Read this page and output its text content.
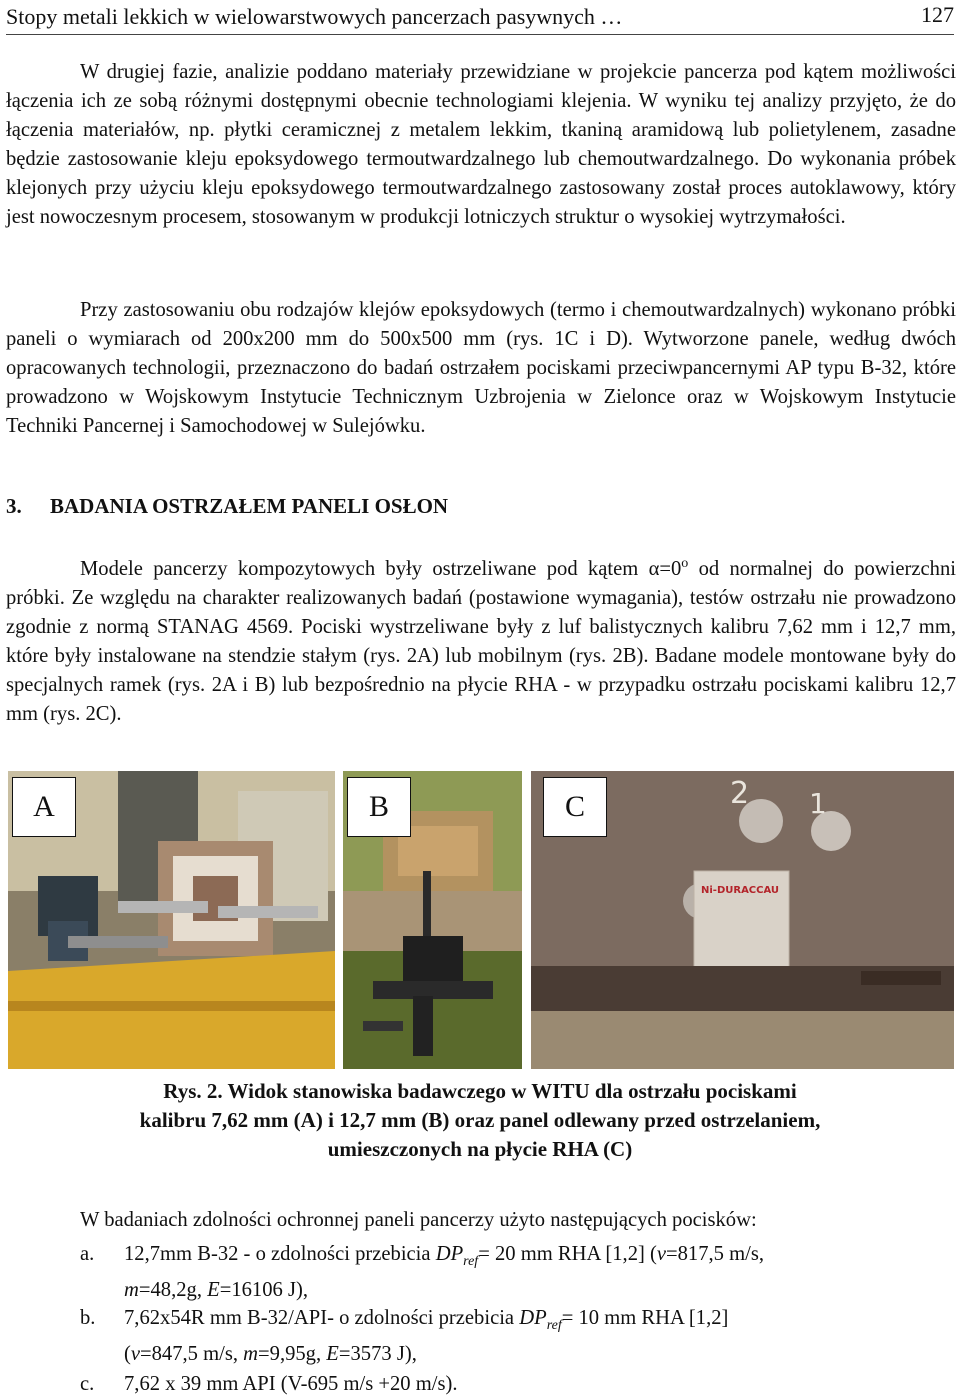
Stopy metali lekkich w wielowarstwowych pancerzach pasywnych …	127

W drugiej fazie, analizie poddano materiały przewidziane w projekcie pancerza pod kątem możliwości łączenia ich ze sobą różnymi dostępnymi obecnie technologiami klejenia. W wyniku tej analizy przyjęto, że do łączenia materiałów, np. płytki ceramicznej z metalem lekkim, tkaniną aramidową lub polietylenem, zasadne będzie zastosowanie kleju epoksydowego termoutwardzalnego lub chemoutwardzalnego. Do wykonania próbek klejonych przy użyciu kleju epoksydowego termoutwardzalnego zastosowany został proces autoklawowy, który jest nowoczesnym procesem, stosowanym w produkcji lotniczych struktur o wysokiej wytrzymałości.

Przy zastosowaniu obu rodzajów klejów epoksydowych (termo i chemoutwardzalnych) wykonano próbki paneli o wymiarach od 200x200 mm do 500x500 mm (rys. 1C i D). Wytworzone panele, według dwóch opracowanych technologii, przeznaczono do badań ostrzałem pociskami przeciwpancernymi AP typu B-32, które prowadzono w Wojskowym Instytucie Technicznym Uzbrojenia w Zielonce oraz w Wojskowym Instytucie Techniki Pancernej i Samochodowej w Sulejówku.

3. BADANIA OSTRZAŁEM PANELI OSŁON

Modele pancerzy kompozytowych były ostrzeliwane pod kątem $\alpha=0^o$ od normalnej do powierzchni próbki. Ze względu na charakter realizowanych badań (postawione wymagania), testów ostrzału nie prowadzono zgodnie z normą STANAG 4569. Pociski wystrzeliwane były z luf balistycznych kalibru 7,62 mm i 12,7 mm, które były instalowane na stendzie stałym (rys. 2A) lub mobilnym (rys. 2B). Badane modele montowane były do specjalnych ramek (rys. 2A i B) lub bezpośrednio na płycie RHA - w przypadku ostrzału pociskami kalibru 12,7 mm (rys. 2C).

A	B	2 1
Ni-DURACCAU
C
Rys. 2. Widok stanowiska badawczego w WITU dla ostrzału pociskami
kalibru 7,62 mm (A) i 12,7 mm (B) oraz panel odlewany przed ostrzelaniem,
umieszczonych na płycie RHA (C)

W badaniach zdolności ochronnej paneli pancerzy użyto następujących pocisków:

a. 12,7mm B-32 - o zdolności przebicia $DP_{ref}= 20$ mm RHA [1,2] (v=817,5 m/s,
m=48,2g, E=16106 J),
b. 7,62x54R mm B-32/API- o zdolności przebicia $DP_{ref}= 10$ mm RHA [1,2]
(v=847,5 m/s, m=9,95g, E=3573 J),
c. 7,62 x 39 mm API (V-695 m/s +20 m/s).
